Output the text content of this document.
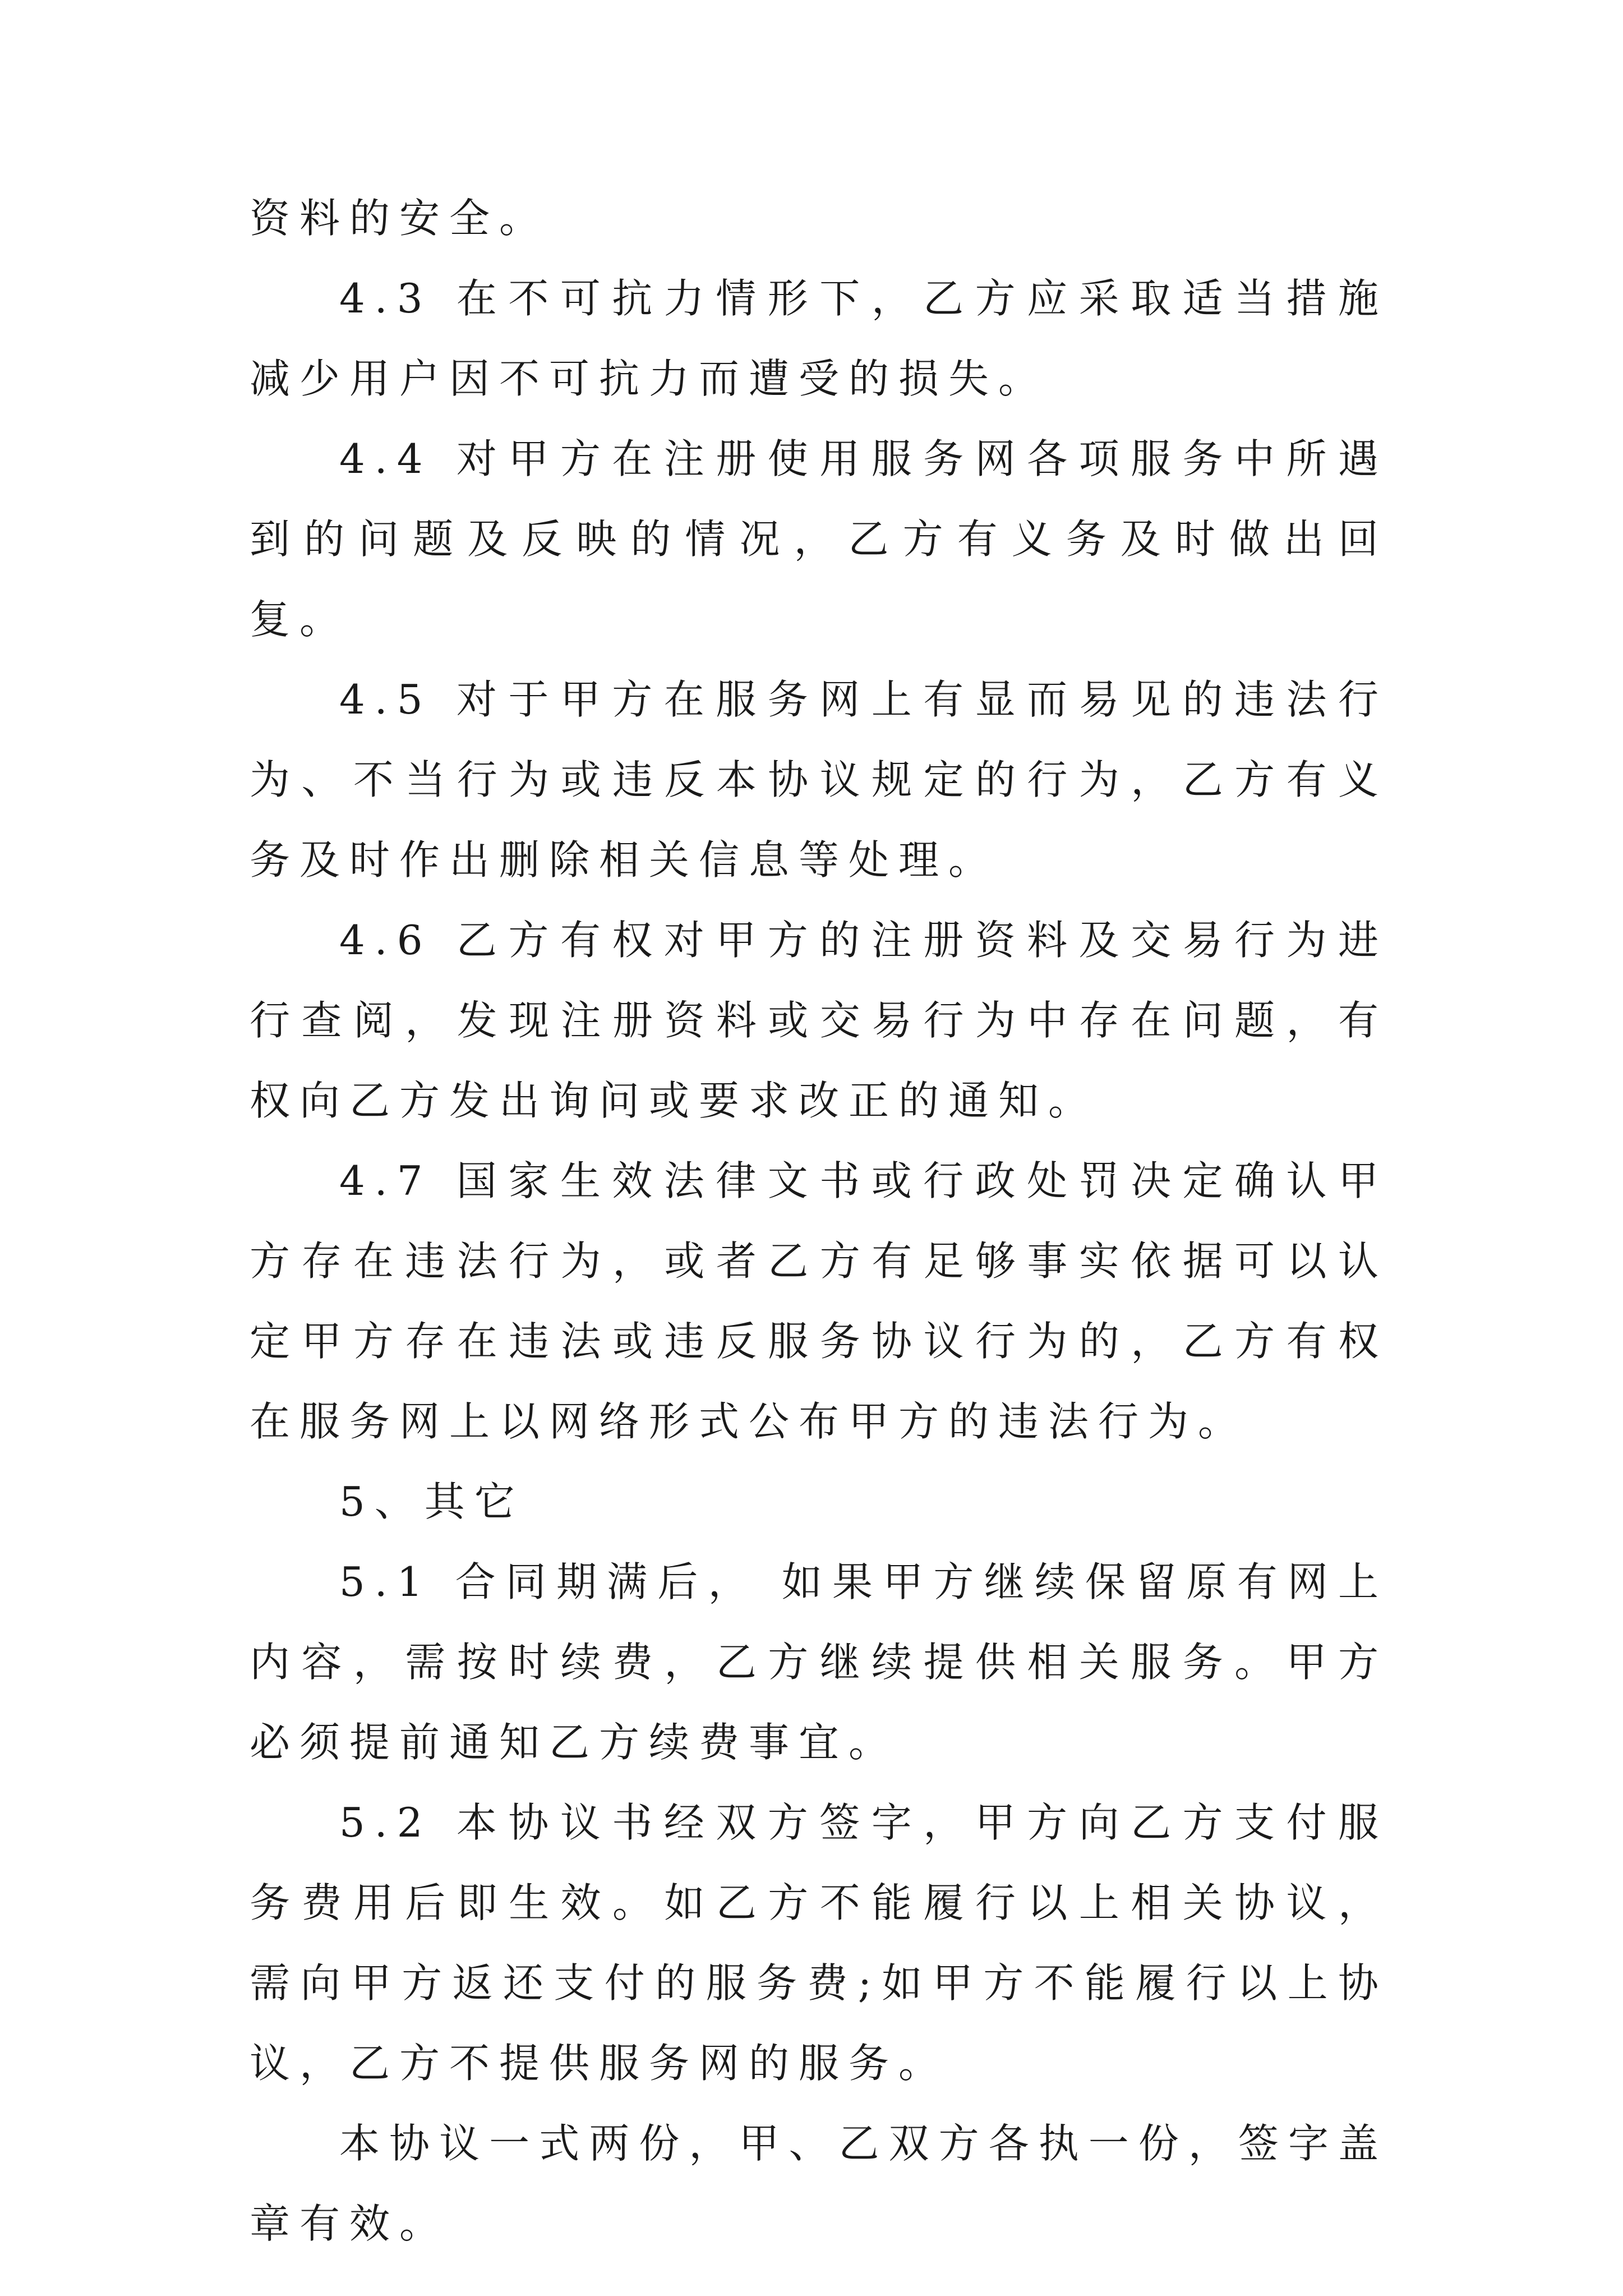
资料的安全。

4.3 在不可抗力情形下，乙方应采取适当措施减少用户因不可抗力而遭受的损失。

4.4 对甲方在注册使用服务网各项服务中所遇到的问题及反映的情况，乙方有义务及时做出回复。

4.5 对于甲方在服务网上有显而易见的违法行为、不当行为或违反本协议规定的行为，乙方有义务及时作出删除相关信息等处理。

4.6 乙方有权对甲方的注册资料及交易行为进行查阅，发现注册资料或交易行为中存在问题，有权向乙方发出询问或要求改正的通知。

4.7 国家生效法律文书或行政处罚决定确认甲方存在违法行为，或者乙方有足够事实依据可以认定甲方存在违法或违反服务协议行为的，乙方有权在服务网上以网络形式公布甲方的违法行为。

5、其它

5.1 合同期满后， 如果甲方继续保留原有网上内容，需按时续费，乙方继续提供相关服务。甲方必须提前通知乙方续费事宜。

5.2 本协议书经双方签字，甲方向乙方支付服务费用后即生效。如乙方不能履行以上相关协议，需向甲方返还支付的服务费;如甲方不能履行以上协议，乙方不提供服务网的服务。

本协议一式两份，甲、乙双方各执一份，签字盖章有效。
